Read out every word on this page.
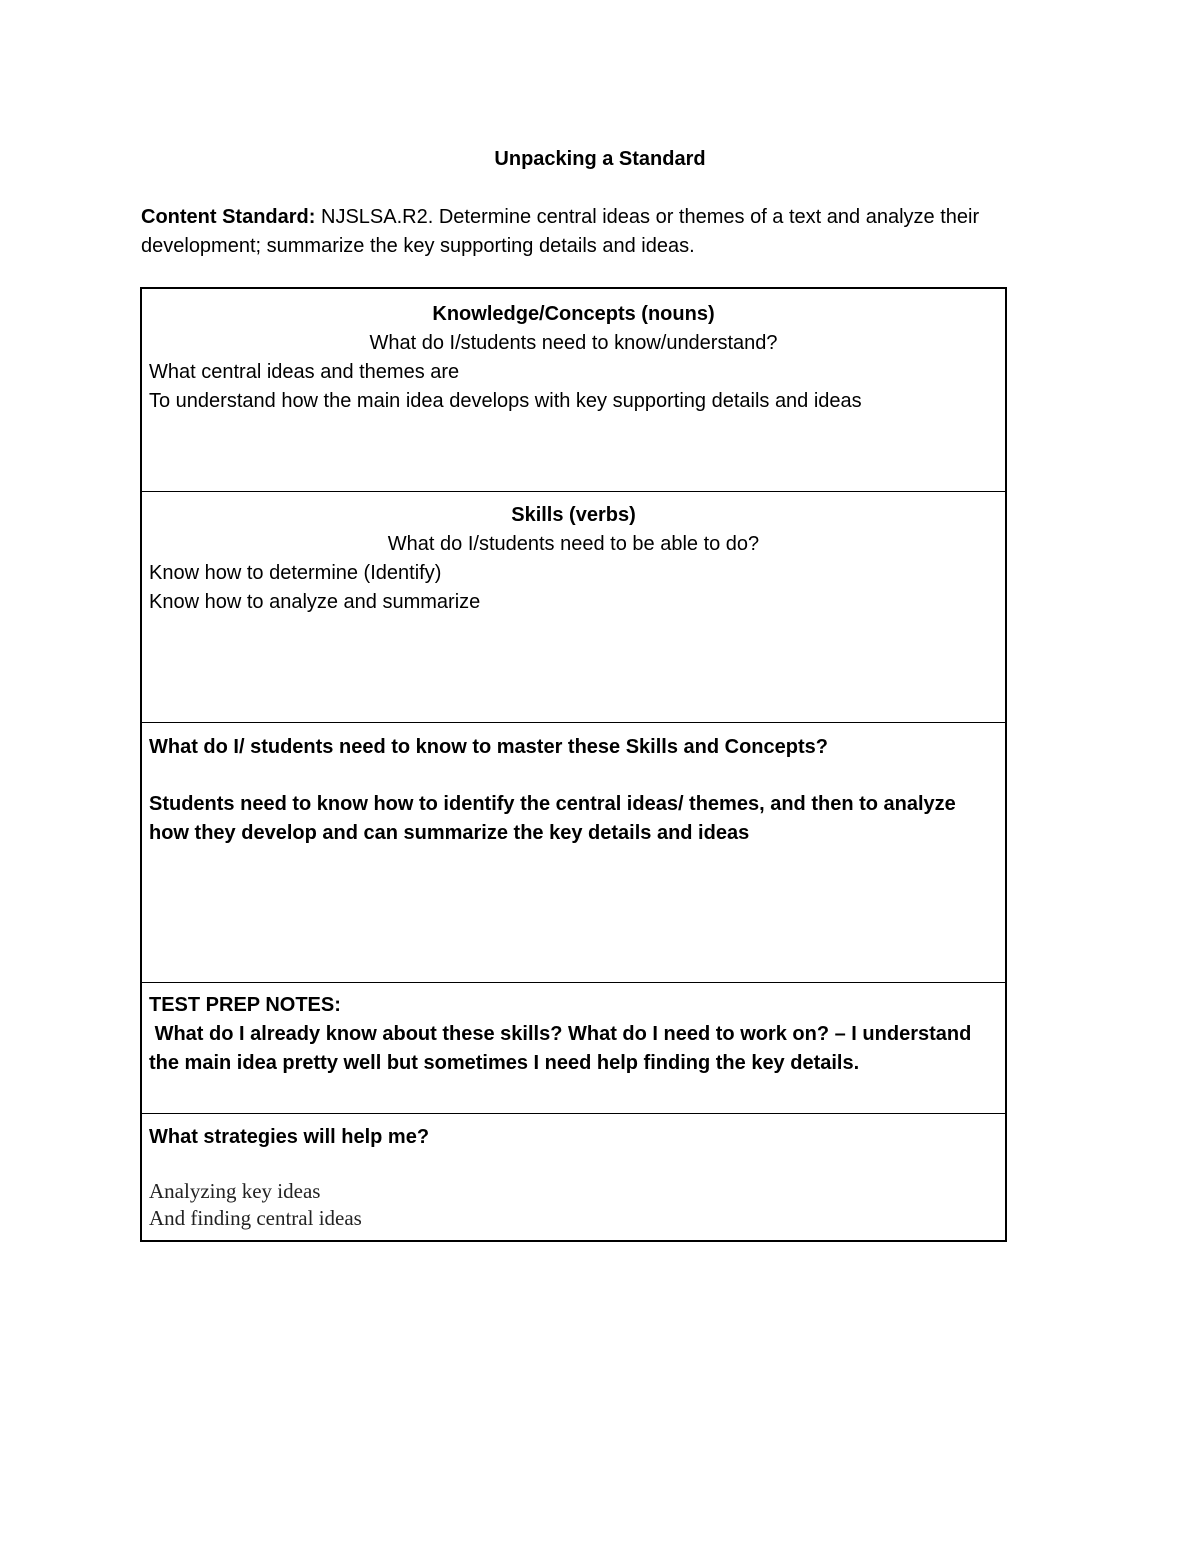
Unpacking a Standard
Content Standard: NJSLSA.R2. Determine central ideas or themes of a text and analyze their development; summarize the key supporting details and ideas.
Knowledge/Concepts (nouns)
What do I/students need to know/understand?
What central ideas and themes are
To understand how the main idea develops with key supporting details and ideas
Skills (verbs)
What do I/students need to be able to do?
Know how to determine (Identify)
Know how to analyze and summarize
What do I/ students need to know to master these Skills and Concepts?
Students need to know how to identify the central ideas/ themes, and then to analyze how they develop and can summarize the key details and ideas
TEST PREP NOTES:
What do I already know about these skills? What do I need to work on? – I understand the main idea pretty well but sometimes I need help finding the key details.
What strategies will help me?
Analyzing key ideas
And finding central ideas
